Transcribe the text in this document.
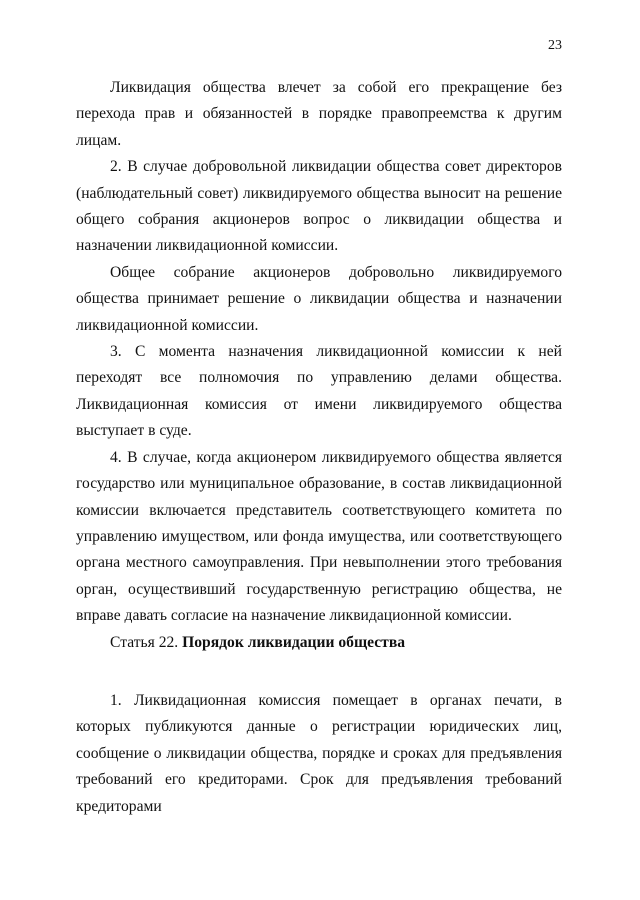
23

Ликвидация общества влечет за собой его прекращение без перехода прав и обязанностей в порядке правопреемства к другим лицам.

2. В случае добровольной ликвидации общества совет директоров (наблюдательный совет) ликвидируемого общества выносит на решение общего собрания акционеров вопрос о ликвидации общества и назначении ликвидационной комиссии.

Общее собрание акционеров добровольно ликвидируемого общества принимает решение о ликвидации общества и назначении ликвидационной комиссии.

3. С момента назначения ликвидационной комиссии к ней переходят все полномочия по управлению делами общества. Ликвидационная комиссия от имени ликвидируемого общества выступает в суде.

4. В случае, когда акционером ликвидируемого общества является государство или муниципальное образование, в состав ликвидационной комиссии включается представитель соответствующего комитета по управлению имуществом, или фонда имущества, или соответствующего органа местного самоуправления. При невыполнении этого требования орган, осуществивший государственную регистрацию общества, не вправе давать согласие на назначение ликвидационной комиссии.

Статья 22. Порядок ликвидации общества

1. Ликвидационная комиссия помещает в органах печати, в которых публикуются данные о регистрации юридических лиц, сообщение о ликвидации общества, порядке и сроках для предъявления требований его кредиторами. Срок для предъявления требований кредиторами
